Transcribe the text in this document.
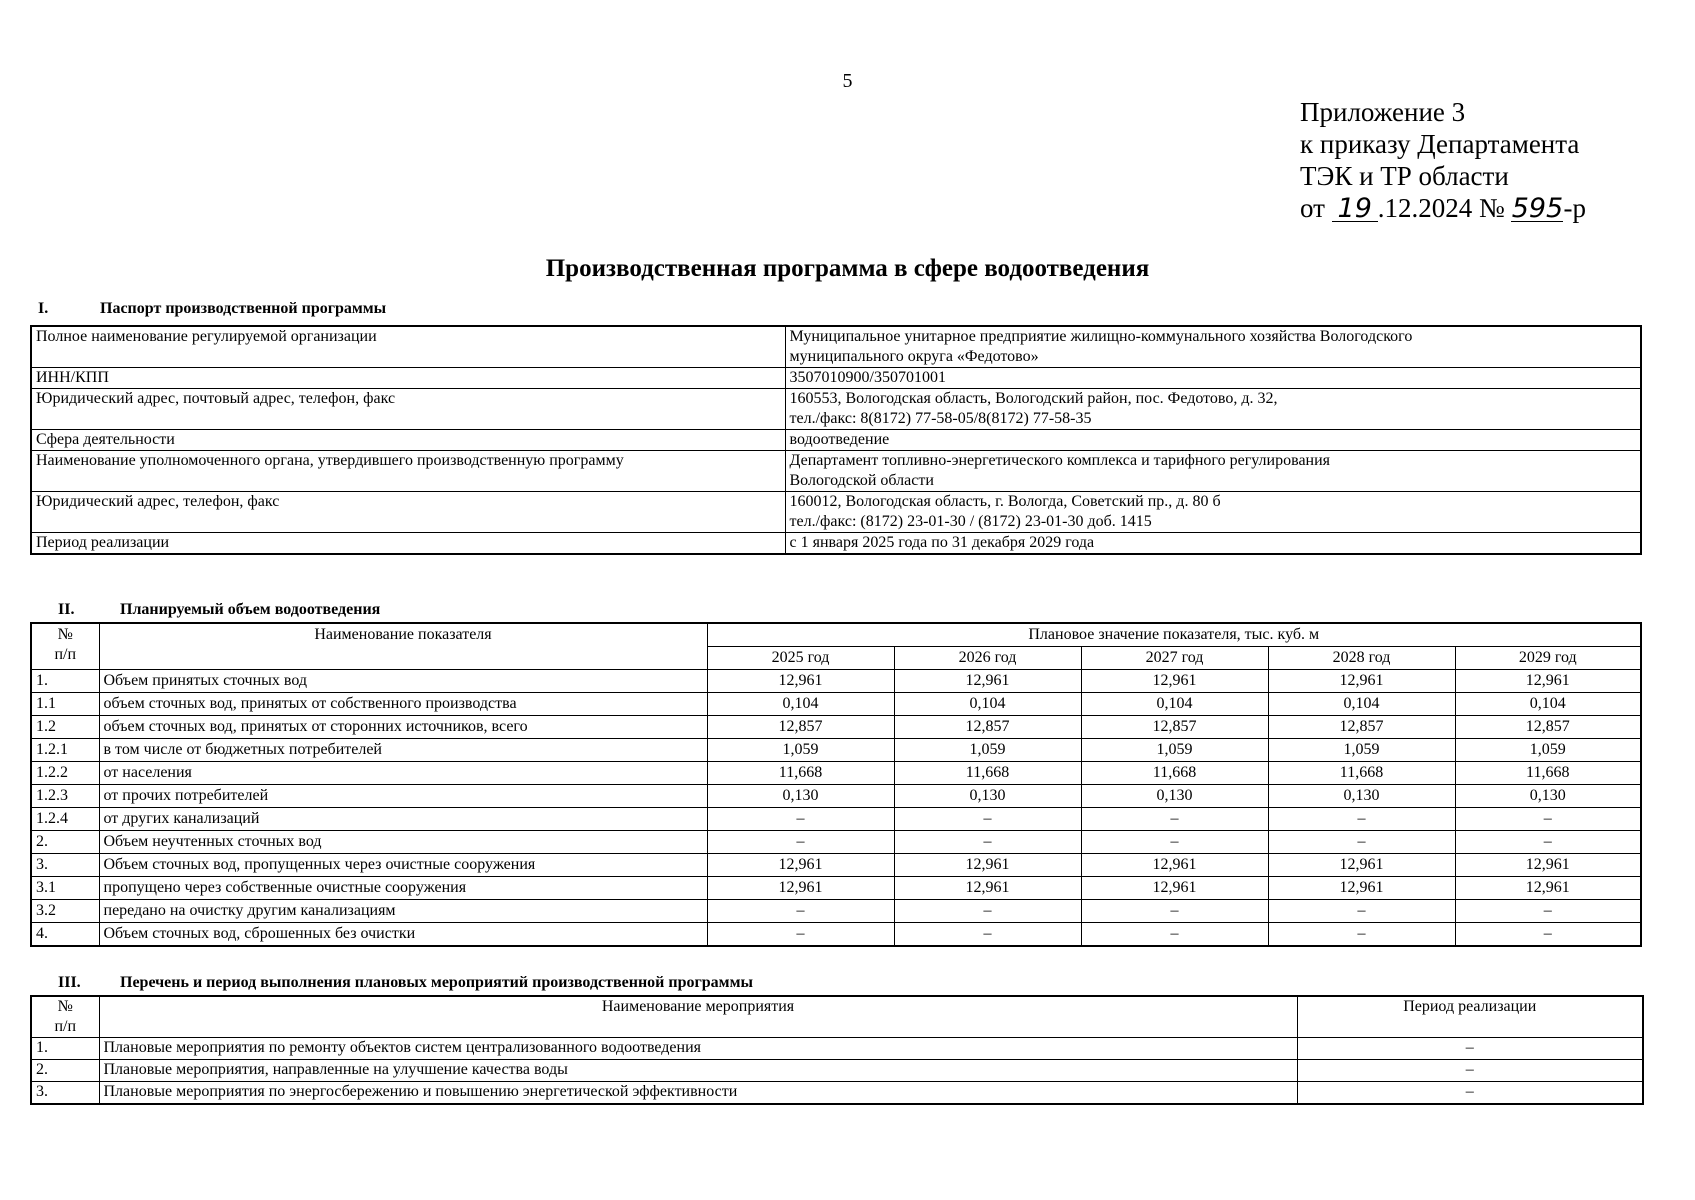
5
Приложение 3
к приказу Департамента
ТЭК и ТР области
от 19 .12.2024 № 595-р
Производственная программа в сфере водоотведения
I.	Паспорт производственной программы
Полное наименование регулируемой организации	Муниципальное унитарное предприятие жилищно-коммунального хозяйства Вологодского
муниципального округа «Федотово»

ИНН/КПП	3507010900/350701001

Юридический адрес, почтовый адрес, телефон, факс	160553, Вологодская область, Вологодский район, пос. Федотово, д. 32,
тел./факс: 8(8172) 77-58-05/8(8172) 77-58-35

Сфера деятельности	водоотведение

Наименование уполномоченного органа, утвердившего производственную программу	Департамент топливно-энергетического комплекса и тарифного регулирования
Вологодской области

Юридический адрес, телефон, факс	160012, Вологодская область, г. Вологда, Советский пр., д. 80 б
тел./факс: (8172) 23-01-30 / (8172) 23-01-30 доб. 1415

Период реализации	с 1 января 2025 года по 31 декабря 2029 года
II.	Планируемый объем водоотведения
№
п/п	Наименование показателя	Плановое значение показателя, тыс. куб. м				
		2025 год	2026 год	2027 год	2028 год	2029 год
1.	Объем принятых сточных вод	12,961	12,961	12,961	12,961	12,961
1.1	объем сточных вод, принятых от собственного производства	0,104	0,104	0,104	0,104	0,104
1.2	объем сточных вод, принятых от сторонних источников, всего	12,857	12,857	12,857	12,857	12,857
1.2.1	в том числе от бюджетных потребителей	1,059	1,059	1,059	1,059	1,059
1.2.2	от населения	11,668	11,668	11,668	11,668	11,668
1.2.3	от прочих потребителей	0,130	0,130	0,130	0,130	0,130
1.2.4	от других канализаций	–	–	–	–	–
2.	Объем неучтенных сточных вод	–	–	–	–	–
3.	Объем сточных вод, пропущенных через очистные сооружения	12,961	12,961	12,961	12,961	12,961
3.1	пропущено через собственные очистные сооружения	12,961	12,961	12,961	12,961	12,961
3.2	передано на очистку другим канализациям	–	–	–	–	–
4.	Объем сточных вод, сброшенных без очистки	–	–	–	–	–
III. Перечень и период выполнения плановых мероприятий производственной программы
№
п/п	Наименование мероприятия	Период реализации
1.	Плановые мероприятия по ремонту объектов систем централизованного водоотведения	–
2.	Плановые мероприятия, направленные на улучшение качества воды	–
3.	Плановые мероприятия по энергосбережению и повышению энергетической эффективности	–
